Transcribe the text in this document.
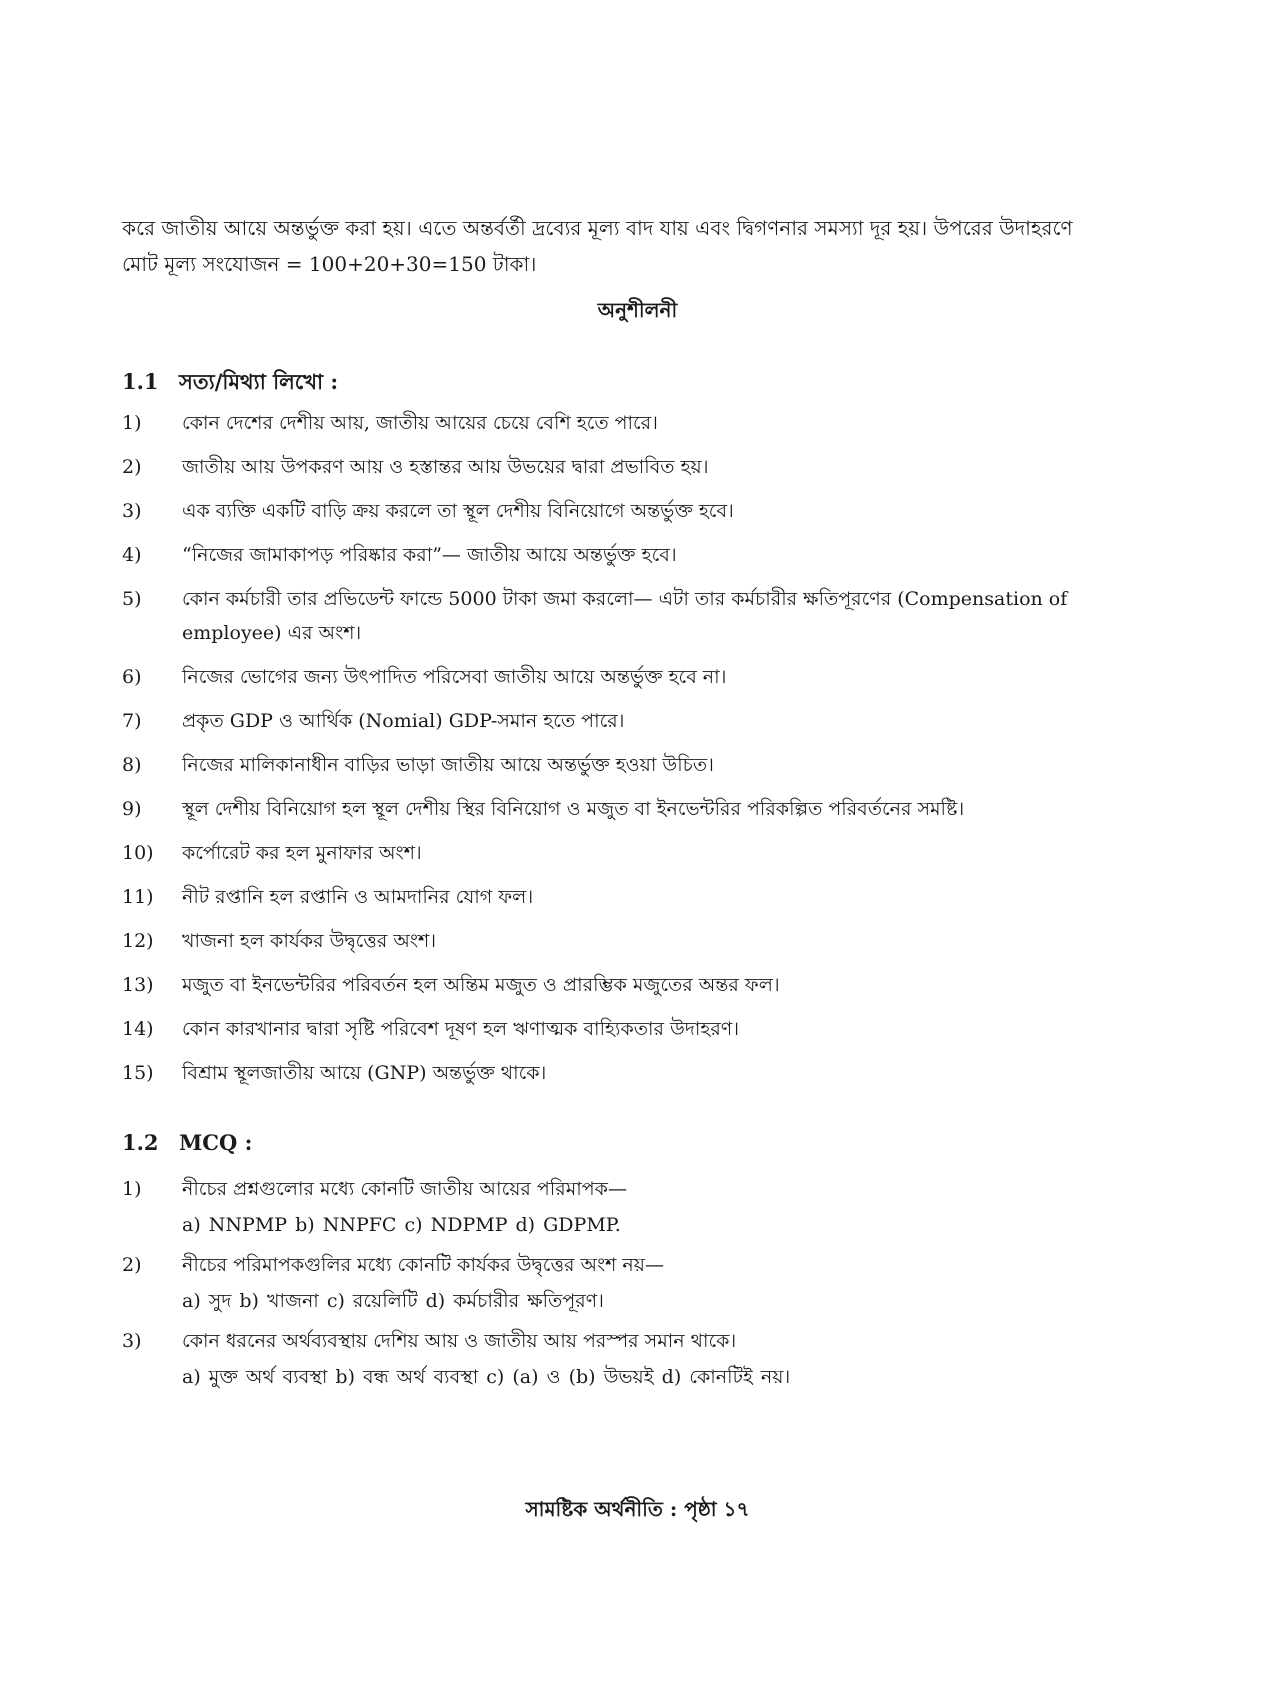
করে জাতীয় আয়ে অন্তর্ভুক্ত করা হয়। এতে অন্তর্বর্তী দ্রব্যের মূল্য বাদ যায় এবং দ্বিগণনার সমস্যা দূর হয়। উপরের উদাহরণে

মোট মূল্য সংযোজন = 100+20+30=150 টাকা।

অনুশীলনী
1.1 সত্য/মিথ্যা লিখো :
1)	কোন দেশের দেশীয় আয়, জাতীয় আয়ের চেয়ে বেশি হতে পারে।
2)	জাতীয় আয় উপকরণ আয় ও হস্তান্তর আয় উভয়ের দ্বারা প্রভাবিত হয়।
3)	এক ব্যক্তি একটি বাড়ি ক্রয় করলে তা স্থূল দেশীয় বিনিয়োগে অন্তর্ভুক্ত হবে।
4)	“নিজের জামাকাপড় পরিষ্কার করা”— জাতীয় আয়ে অন্তর্ভুক্ত হবে।
5)	কোন কর্মচারী তার প্রভিডেন্ট ফান্ডে 5000 টাকা জমা করলো— এটা তার কর্মচারীর ক্ষতিপূরণের (Compensation of employee) এর অংশ।
6)	নিজের ভোগের জন্য উৎপাদিত পরিসেবা জাতীয় আয়ে অন্তর্ভুক্ত হবে না।
7)	প্রকৃত GDP ও আর্থিক (Nomial) GDP-সমান হতে পারে।
8)	নিজের মালিকানাধীন বাড়ির ভাড়া জাতীয় আয়ে অন্তর্ভুক্ত হওয়া উচিত।
9)	স্থূল দেশীয় বিনিয়োগ হল স্থূল দেশীয় স্থির বিনিয়োগ ও মজুত বা ইনভেন্টরির পরিকল্পিত পরিবর্তনের সমষ্টি।
10)	কর্পোরেট কর হল মুনাফার অংশ।
11)	নীট রপ্তানি হল রপ্তানি ও আমদানির যোগ ফল।
12)	খাজনা হল কার্যকর উদ্বৃত্তের অংশ।
13)	মজুত বা ইনভেন্টরির পরিবর্তন হল অন্তিম মজুত ও প্রারম্ভিক মজুতের অন্তর ফল।
14)	কোন কারখানার দ্বারা সৃষ্টি পরিবেশ দূষণ হল ঋণাত্মক বাহ্যিকতার উদাহরণ।
15)	বিশ্রাম স্থূলজাতীয় আয়ে (GNP) অন্তর্ভুক্ত থাকে।
1.2 MCQ :
1)	নীচের প্রশ্নগুলোর মধ্যে কোনটি জাতীয় আয়ের পরিমাপক—
a) NNPMP b) NNPFC c) NDPMP d) GDPMP.
2)	নীচের পরিমাপকগুলির মধ্যে কোনটি কার্যকর উদ্বৃত্তের অংশ নয়—
a) সুদ b) খাজনা c) রয়েলিটি d) কর্মচারীর ক্ষতিপূরণ।
3)	কোন ধরনের অর্থব্যবস্থায় দেশিয় আয় ও জাতীয় আয় পরস্পর সমান থাকে।
a) মুক্ত অর্থ ব্যবস্থা b) বন্ধ অর্থ ব্যবস্থা c) (a) ও (b) উভয়ই d) কোনটিই নয়।
সামষ্টিক অর্থনীতি : পৃষ্ঠা ১৭
